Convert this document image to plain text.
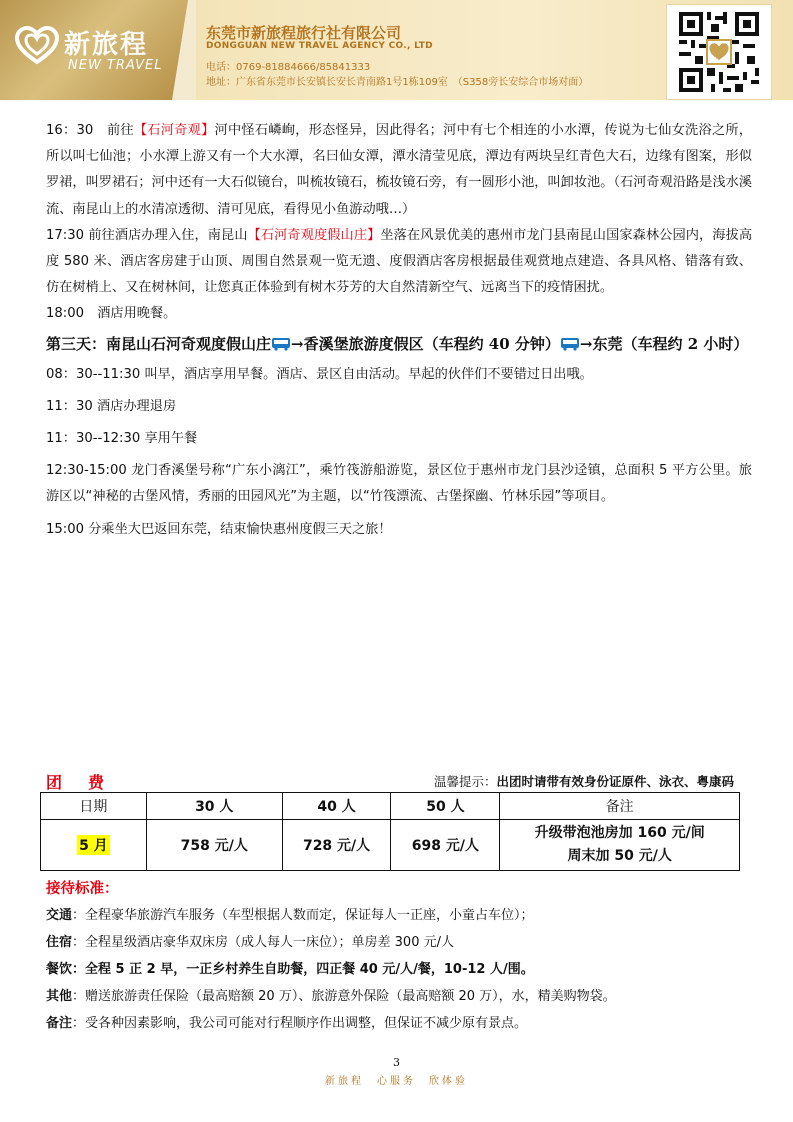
新旅程
NEW TRAVEL
东莞市新旅程旅行社有限公司
DONGGUAN NEW TRAVEL AGENCY CO., LTD
电话：0769-81884666/85841333
地址：广东省东莞市长安镇长安长青南路1号1栋109室　（S358旁长安综合市场对面）

16：30　前往【石河奇观】河中怪石嶙峋，形态怪异，因此得名；河中有七个相连的小水潭，传说为七仙女洗浴之所，所以叫七仙池；小水潭上游又有一个大水潭，名曰仙女潭，潭水清莹见底，潭边有两块呈红青色大石，边缘有图案，形似罗裙，叫罗裙石；河中还有一大石似镜台，叫梳妆镜石，梳妆镜石旁，有一圆形小池，叫卸妆池。（石河奇观沿路是浅水溪流、南昆山上的水清凉透彻、清可见底，看得见小鱼游动哦…）

17:30 前往酒店办理入住，南昆山【石河奇观度假山庄】坐落在风景优美的惠州市龙门县南昆山国家森林公园内，海拔高度 580 米、酒店客房建于山顶、周围自然景观一览无遗、度假酒店客房根据最佳观赏地点建造、各具风格、错落有致、仿在树梢上、又在树林间，让您真正体验到有树木芬芳的大自然清新空气、远离当下的疫情困扰。

18:00　酒店用晚餐。

第三天：南昆山石河奇观度假山庄 →香溪堡旅游度假区（车程约 40 分钟） →东莞（车程约 2 小时）

08：30--11:30 叫早，酒店享用早餐。酒店、景区自由活动。早起的伙伴们不要错过日出哦。

11：30 酒店办理退房

11：30--12:30 享用午餐

12:30-15:00 龙门香溪堡号称“广东小漓江”，乘竹筏游船游览，景区位于惠州市龙门县沙迳镇，总面积 5 平方公里。旅游区以“神秘的古堡风情，秀丽的田园风光”为主题，以“竹筏漂流、古堡探幽、竹林乐园”等项目。

15:00 分乘坐大巴返回东莞，结束愉快惠州度假三天之旅！

团费	温馨提示：出团时请带有效身份证原件、泳衣、粤康码
日期	30 人	40 人	50 人	备注
5 月	758 元/人	728 元/人	698 元/人	升级带泡池房加 160 元/间
周末加 50 元/人

接待标准：

交通：全程豪华旅游汽车服务（车型根据人数而定，保证每人一正座，小童占车位）；

住宿：全程星级酒店豪华双床房（成人每人一床位）；单房差 300 元/人

餐饮：全程 5 正 2 早，一正乡村养生自助餐，四正餐 40 元/人/餐，10-12 人/围。

其他：赠送旅游责任保险（最高赔额 20 万）、旅游意外保险（最高赔额 20 万），水，精美购物袋。

备注：受各种因素影响，我公司可能对行程顺序作出调整，但保证不减少原有景点。

3
新旅程　心服务　欣体验
